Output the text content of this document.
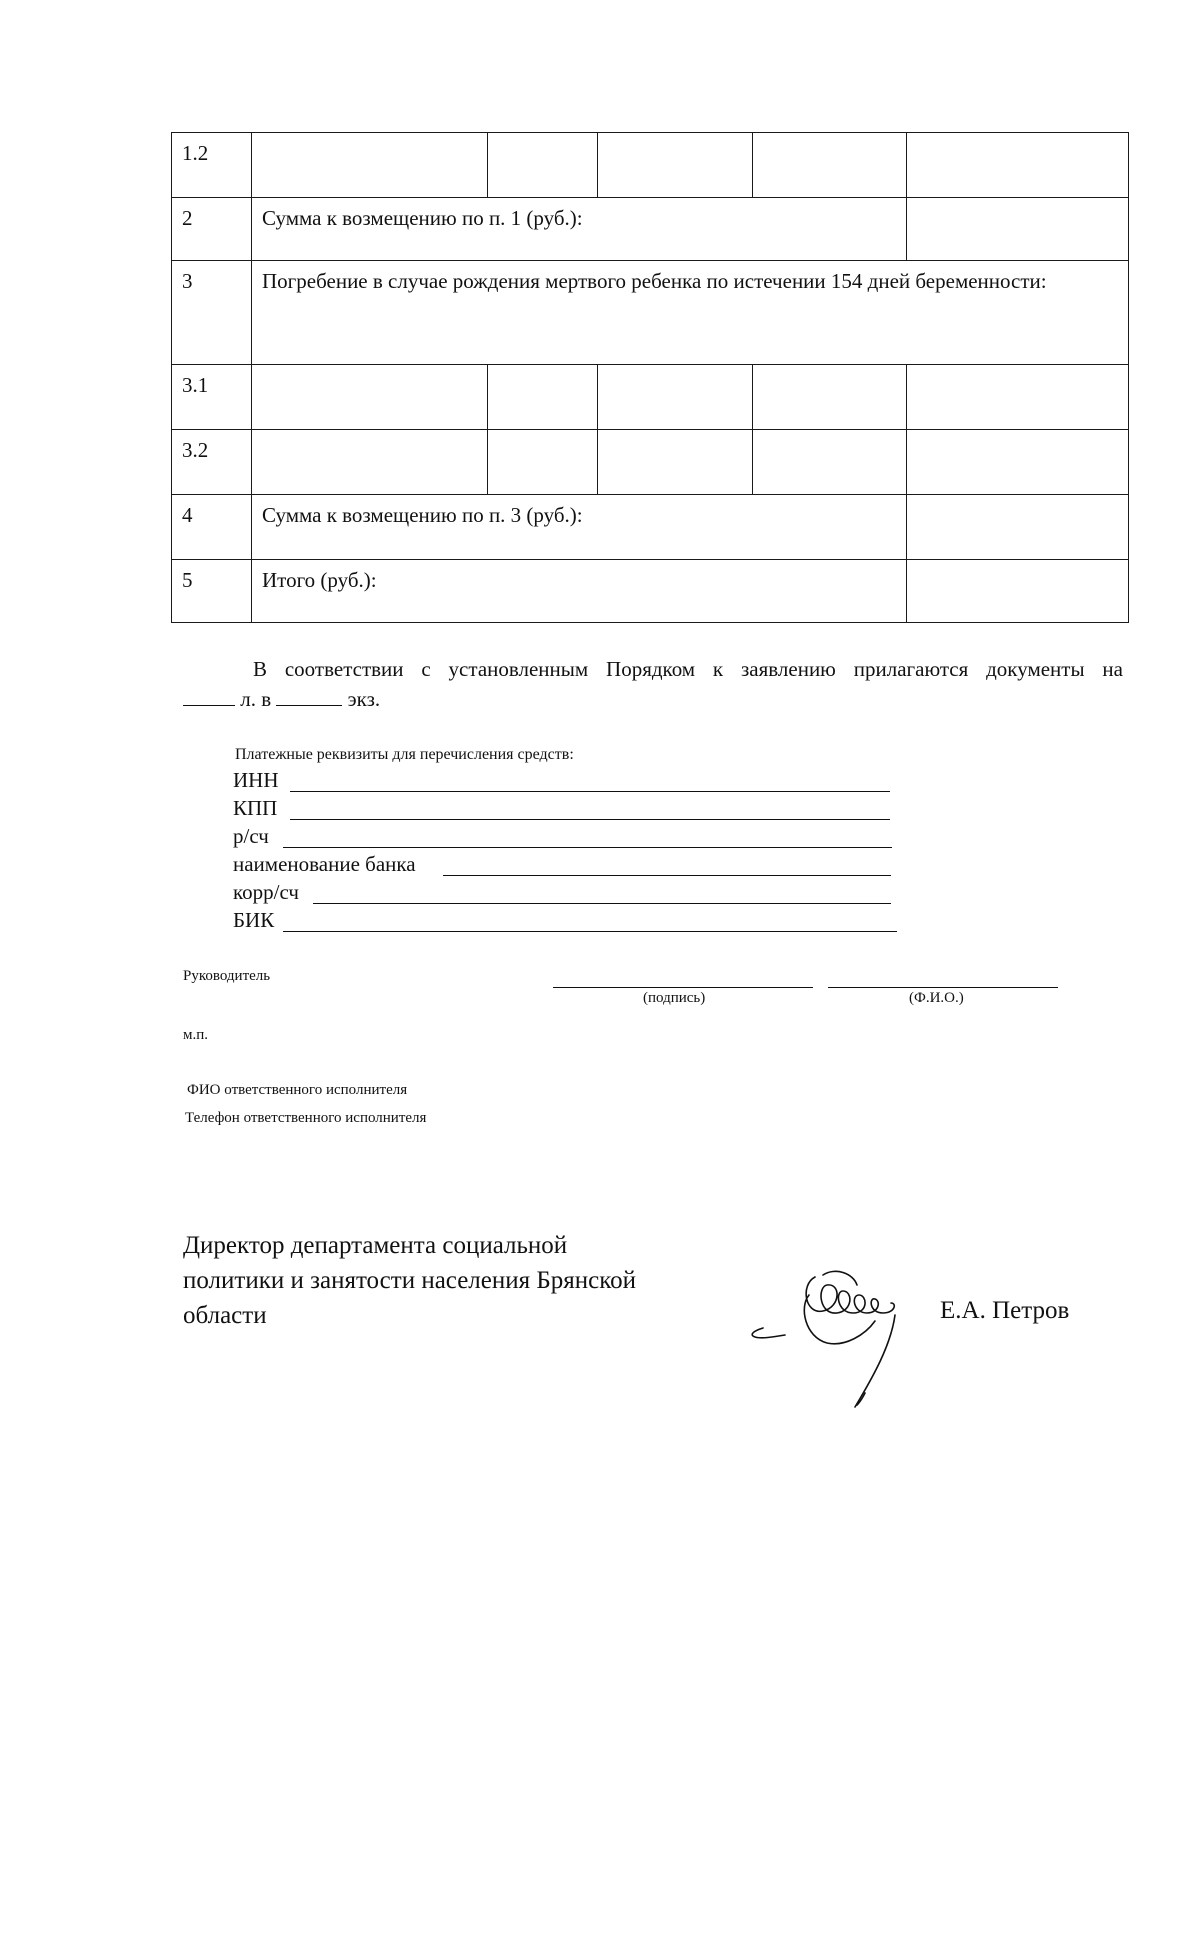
1.2					
2	Сумма к возмещению по п. 1 (руб.):				
3	Погребение в случае рождения мертвого ребенка по истечении 154 дней беременности:				
3.1					
3.2					
4	Сумма к возмещению по п. 3 (руб.):				
5	Итого (руб.):				
В соответствии с установленным Порядком к заявлению прилагаются документы на
л. в	экз.
Платежные реквизиты для перечисления средств:
ИНН
КПП
р/сч
наименование банка
корр/сч
БИК
Руководитель
(подпись)	(Ф.И.О.)
м.п.
ФИО ответственного исполнителя
Телефон ответственного исполнителя
Директор департамента социальной политики и занятости населения Брянской области	Е.А. Петров
